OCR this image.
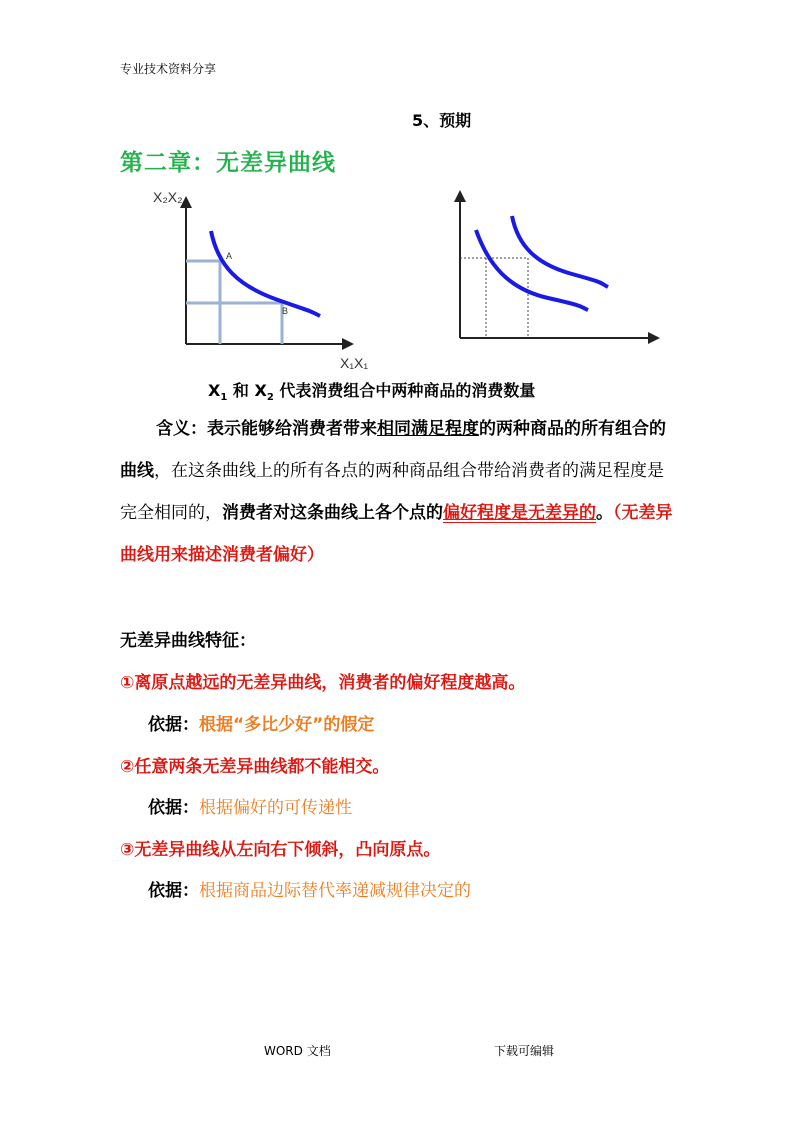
专业技术资料分享
5、预期
第二章：无差异曲线
X₂X₂
X₁X₁
A
B
$X_1$ 和 $X_2$ 代表消费组合中两种商品的消费数量
含义：表示能够给消费者带来相同满足程度的两种商品的所有组合的曲线，在这条曲线上的所有各点的两种商品组合带给消费者的满足程度是完全相同的，消费者对这条曲线上各个点的偏好程度是无差异的。（无差异曲线用来描述消费者偏好）
无差异曲线特征：
①离原点越远的无差异曲线，消费者的偏好程度越高。
依据：根据“多比少好”的假定
②任意两条无差异曲线都不能相交。
依据：根据偏好的可传递性
③无差异曲线从左向右下倾斜，凸向原点。
依据：根据商品边际替代率递减规律决定的
WORD 文档	下载可编辑
